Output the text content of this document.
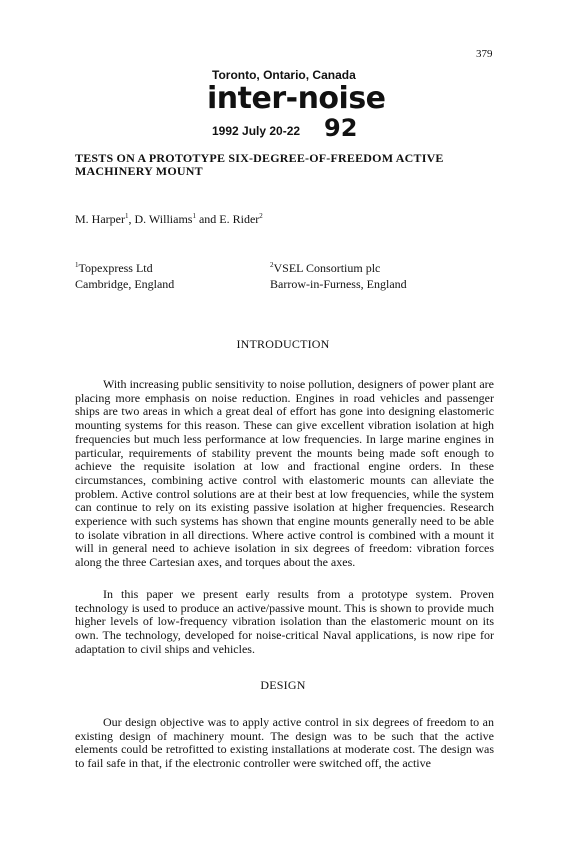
379
Toronto, Ontario, Canada
inter-noise
1992 July 20-22 92
TESTS ON A PROTOTYPE SIX-DEGREE-OF-FREEDOM ACTIVE MACHINERY MOUNT
M. Harper$^1$, D. Williams$^1$ and E. Rider$^2$
$^1$Topexpress Ltd
Cambridge, England
$^2$VSEL Consortium plc
Barrow-in-Furness, England
INTRODUCTION

With increasing public sensitivity to noise pollution, designers of power plant are placing more emphasis on noise reduction. Engines in road vehicles and passenger ships are two areas in which a great deal of effort has gone into designing elastomeric mounting systems for this reason. These can give excellent vibration isolation at high frequencies but much less performance at low frequencies. In large marine engines in particular, requirements of stability prevent the mounts being made soft enough to achieve the requisite isolation at low and fractional engine orders. In these circumstances, combining active control with elastomeric mounts can alleviate the problem. Active control solutions are at their best at low frequencies, while the system can continue to rely on its existing passive isolation at higher frequencies. Research experience with such systems has shown that engine mounts generally need to be able to isolate vibration in all directions. Where active control is combined with a mount it will in general need to achieve isolation in six degrees of freedom: vibration forces along the three Cartesian axes, and torques about the axes.

In this paper we present early results from a prototype system. Proven technology is used to produce an active/passive mount. This is shown to provide much higher levels of low-frequency vibration isolation than the elastomeric mount on its own. The technology, developed for noise-critical Naval applications, is now ripe for adaptation to civil ships and vehicles.

DESIGN

Our design objective was to apply active control in six degrees of freedom to an existing design of machinery mount. The design was to be such that the active elements could be retrofitted to existing installations at moderate cost. The design was to fail safe in that, if the electronic controller were switched off, the active
